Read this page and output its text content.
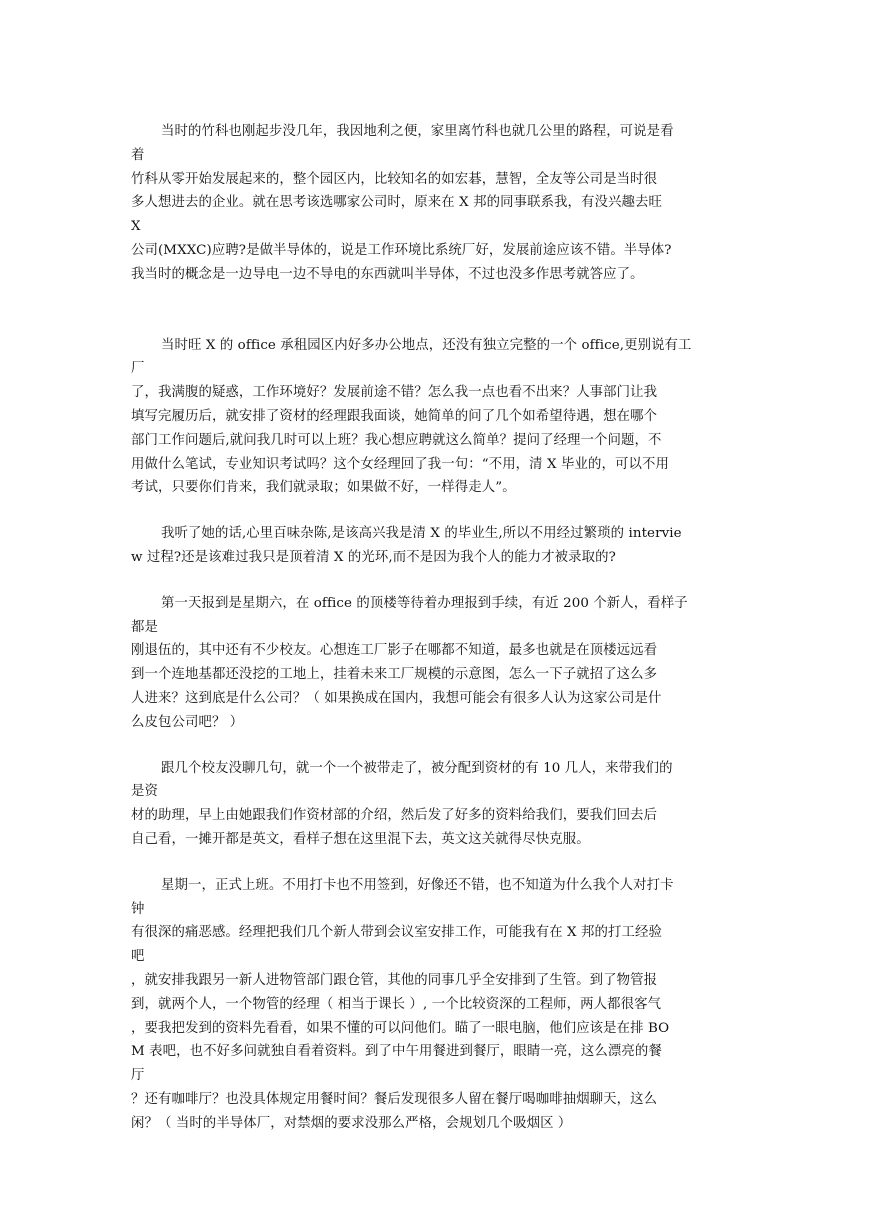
当时的竹科也刚起步没几年，我因地利之便，家里离竹科也就几公里的路程，可说是看
着
竹科从零开始发展起来的，整个园区内，比较知名的如宏碁，慧智，全友等公司是当时很
多人想进去的企业。就在思考该选哪家公司时，原来在 X 邦的同事联系我，有没兴趣去旺
X
公司(MXXC)应聘?是做半导体的，说是工作环境比系统厂好，发展前途应该不错。半导体?
我当时的概念是一边导电一边不导电的东西就叫半导体，不过也没多作思考就答应了。
当时旺 X 的 office 承租园区内好多办公地点，还没有独立完整的一个 office,更别说有工
厂
了，我满腹的疑惑，工作环境好？发展前途不错？怎么我一点也看不出来？人事部门让我
填写完履历后，就安排了资材的经理跟我面谈，她简单的问了几个如希望待遇，想在哪个
部门工作问题后,就问我几时可以上班？我心想应聘就这么简单？提问了经理一个问题，不
用做什么笔试，专业知识考试吗？这个女经理回了我一句：“不用，清 X 毕业的，可以不用
考试，只要你们肯来，我们就录取；如果做不好，一样得走人”。
我听了她的话,心里百味杂陈,是该高兴我是清 X 的毕业生,所以不用经过繁琐的 intervie
w 过程?还是该难过我只是顶着清 X 的光环,而不是因为我个人的能力才被录取的?
第一天报到是星期六，在 office 的顶楼等待着办理报到手续，有近 200 个新人，看样子
都是
刚退伍的，其中还有不少校友。心想连工厂影子在哪都不知道，最多也就是在顶楼远远看
到一个连地基都还没挖的工地上，挂着未来工厂规模的示意图，怎么一下子就招了这么多
人进来？这到底是什么公司？（ 如果换成在国内，我想可能会有很多人认为这家公司是什
么皮包公司吧？ ）
跟几个校友没聊几句，就一个一个被带走了，被分配到资材的有 10 几人，来带我们的
是资
材的助理，早上由她跟我们作资材部的介绍，然后发了好多的资料给我们，要我们回去后
自己看，一摊开都是英文，看样子想在这里混下去，英文这关就得尽快克服。
星期一，正式上班。不用打卡也不用签到，好像还不错，也不知道为什么我个人对打卡
钟
有很深的痛恶感。经理把我们几个新人带到会议室安排工作，可能我有在 X 邦的打工经验
吧
，就安排我跟另一新人进物管部门跟仓管，其他的同事几乎全安排到了生管。到了物管报
到，就两个人，一个物管的经理（ 相当于课长 ）, 一个比较资深的工程师，两人都很客气
，要我把发到的资料先看看，如果不懂的可以问他们。瞄了一眼电脑，他们应该是在排 BO
M 表吧，也不好多问就独自看着资料。到了中午用餐进到餐厅，眼睛一亮，这么漂亮的餐
厅
？还有咖啡厅？也没具体规定用餐时间？餐后发现很多人留在餐厅喝咖啡抽烟聊天，这么
闲？（ 当时的半导体厂，对禁烟的要求没那么严格，会规划几个吸烟区 ）
